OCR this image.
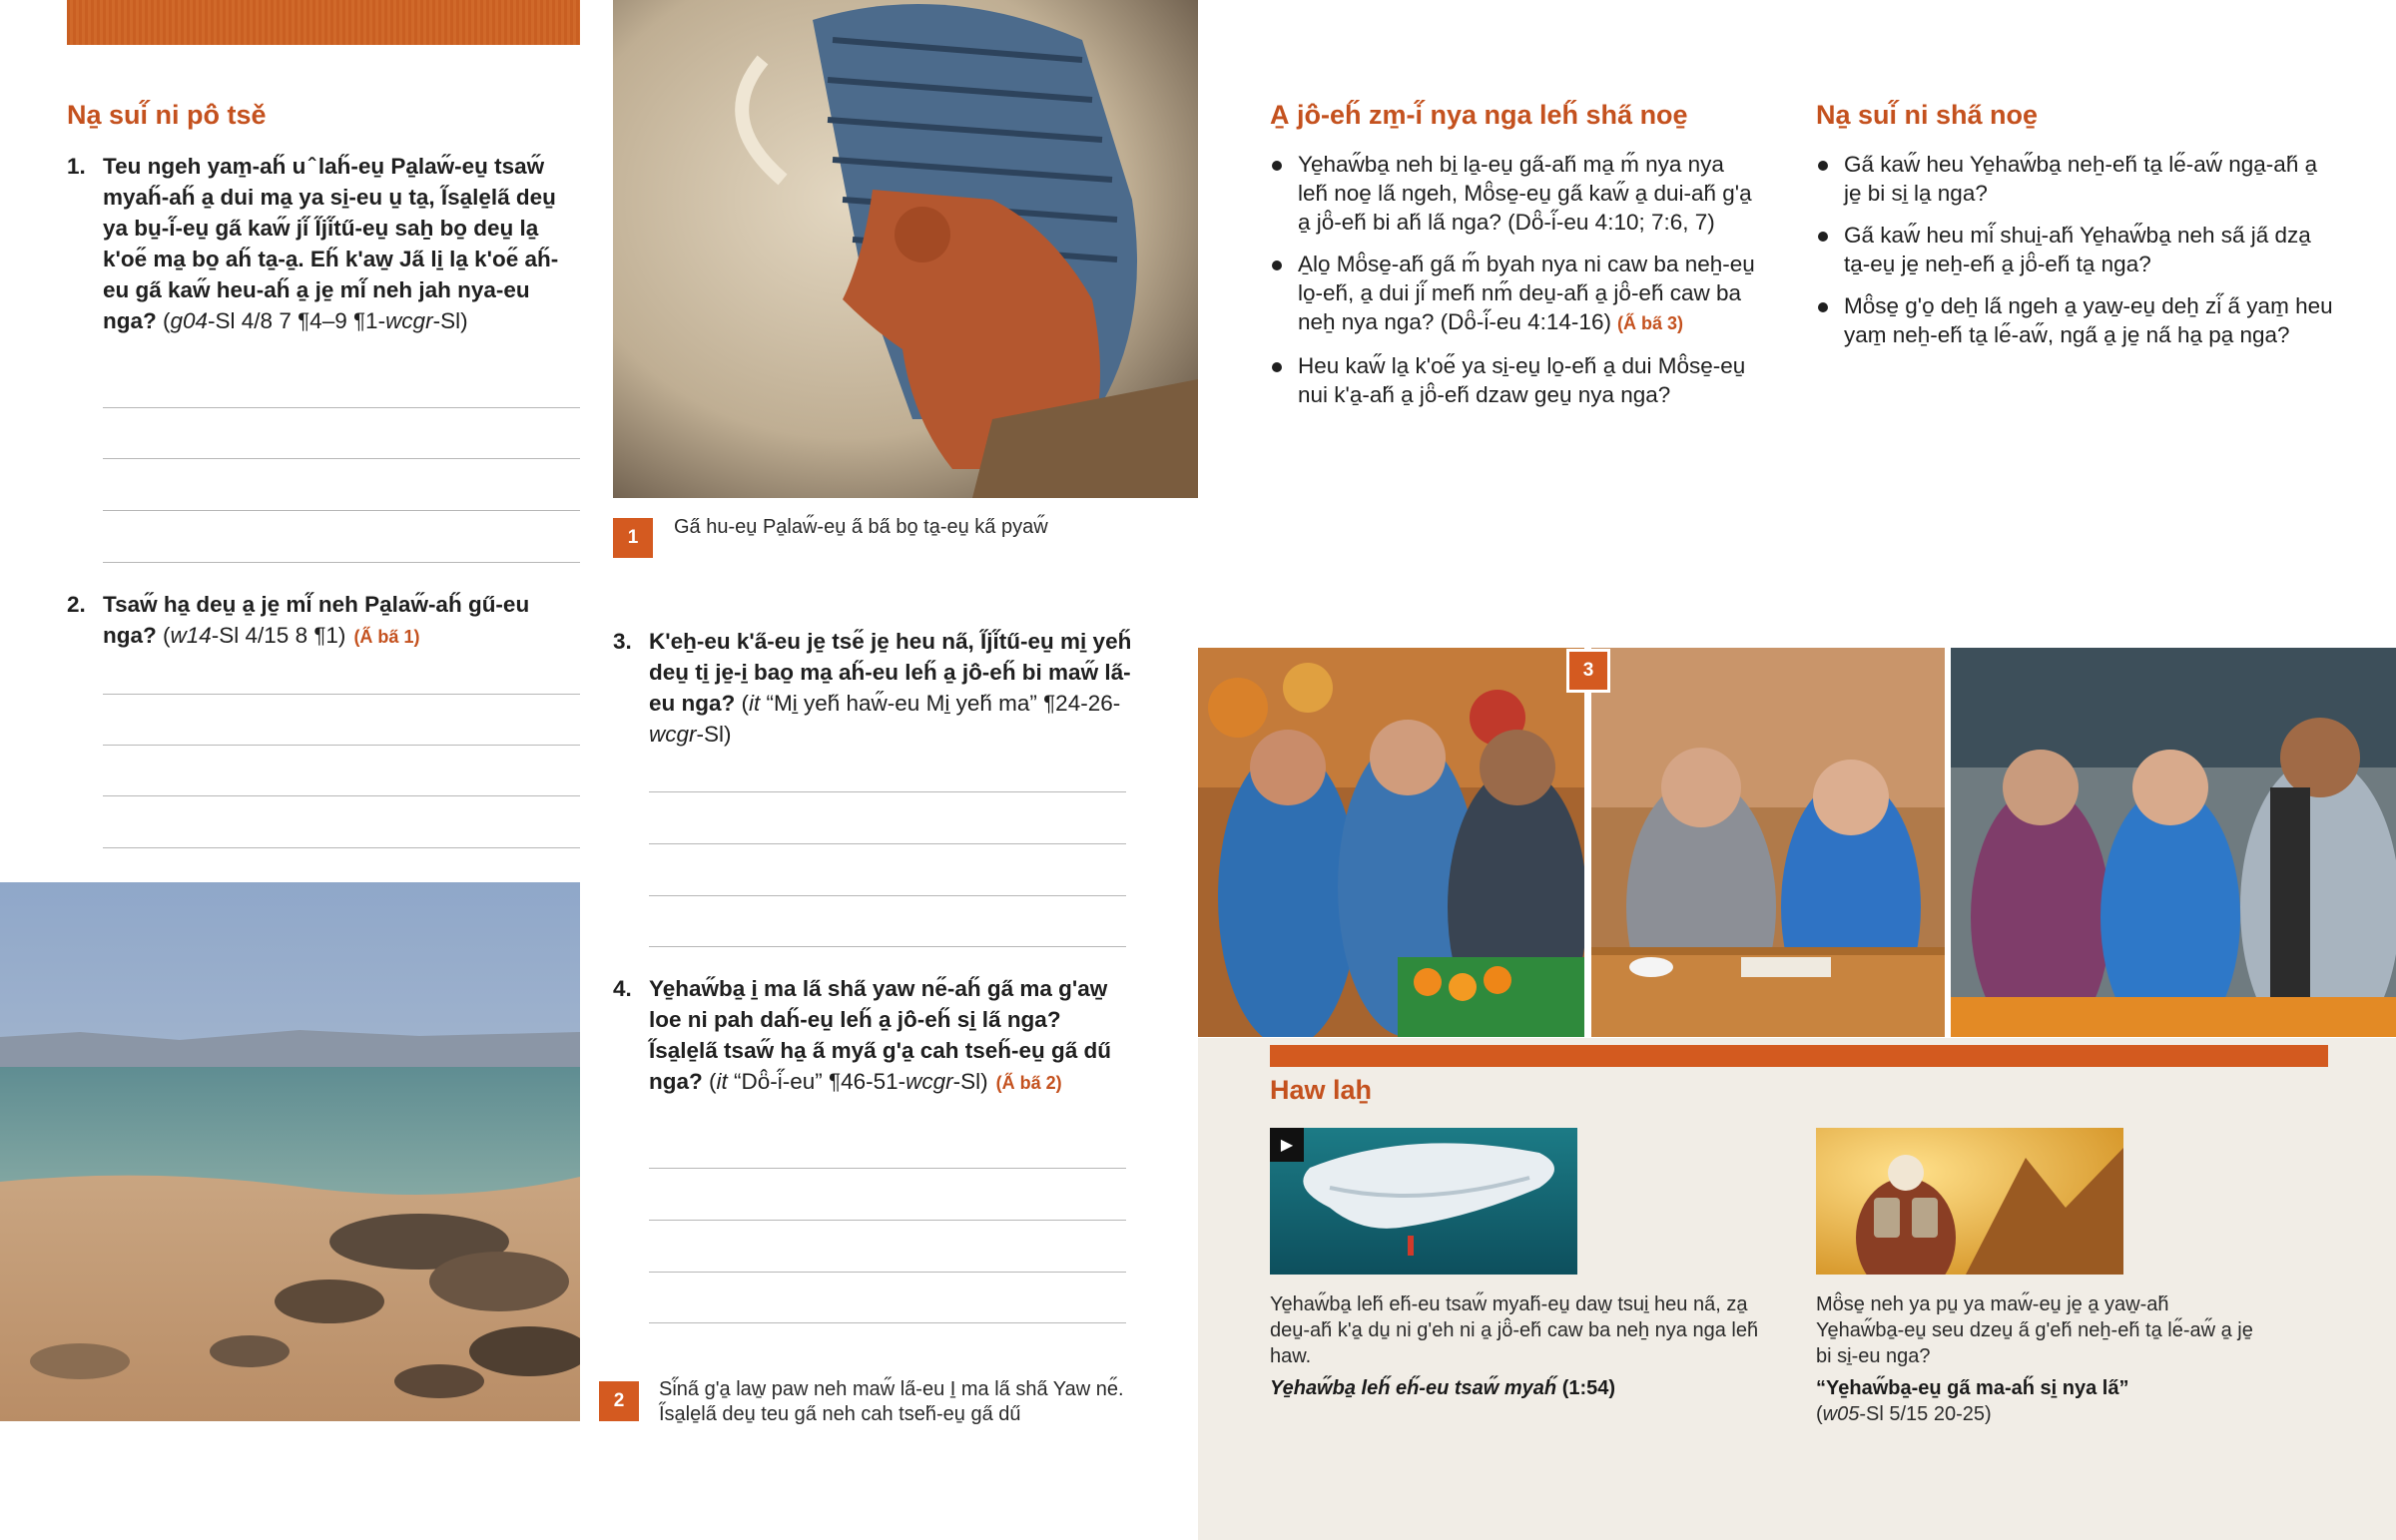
Na̱ sui̋ ni pö̂ tsě
1. Teu ngeh yam̱-ah̋ u ̂ lah̋-eu̱ Pa̱law̋-eu̱ tsaw̋ myah̋-ah̋ a̱ dui ma̱ ya si̱-eu u̱ ta̱, I̋sa̱le̱la̋ deu̱ ya bu̱-i̋-eu̱ ga̋ kaw̋ ji̋ I̋ji̋tű-eu̱ saẖ bo̱ deu̱ la̱ k'oe̋ ma̱ bo̱ ah̋ ta̱-a̱. Eh̋ k'aw̱ Ja̋ li̱ la̱ k'oe̋ ah̋-eu ga̋ kaw̋ heu-ah̋ a̱ je̱ mi̋ neh jah nya-eu nga? (g04-Sl 4/8 7 ¶4–9 ¶1-wcgr-Sl)
2. Tsaw̋ ha̱ deu̱ a̱ je̱ mi̋ neh Pa̱law̋-ah̋ gű-eu nga? (w14-Sl 4/15 8 ¶1) (A̋ ba̋ 1)
1	Ga̋ hu-eu̱ Pa̱law̋-eu̱ a̋ ba̋ bo̱ ta̱-eu̱ ka̋ pyaw̋
3. K'eẖ-eu k'a̋-eu je̱ tse̋ je̱ heu na̋, I̋ji̋tű-eu̱ mi̱ yeh̋ deu̱ ti̱ je̱-i̱ bao̱ ma̱ ah̋-eu leh̋ a̱ jö̂-eh̋ bi maw̋ la̋-eu nga? (it “Mi̱ yeh̋ haw̋-eu Mi̱ yeh̋ ma” ¶24-26-wcgr-Sl)
4. Ye̱haw̋ba̱ i̱ ma la̋ sha̋ yaw ne̋-ah̋ ga̋ ma g'aw̱ loe ni pah dah̋-eu̱ leh̋ a̱ jö̂-eh̋ si̱ la̋ nga? I̋sa̱le̱la̋ tsaw̋ ha̱ a̋ mya̋ g'a̱ cah tseh̋-eu̱ ga̋ dű nga? (it “Dö̂-i̋-eu” ¶46-51-wcgr-Sl) (A̋ ba̋ 2)
2
Si̋na̋ g'a̱ law̱ paw neh maw̋ la̋-eu I̱ ma la̋ sha̋ Yaw ne̋. I̋sa̱le̱la̋ deu̱ teu ga̋ neh cah tseh̋-eu̱ ga̋ dű
A̱ jö̂-eh̋ zm̱-i̋ nya nga leh̋ sha̋ noe̱
Ye̱haw̋ba̱ neh bi̱ la̱-eu̱ ga̋-ah̋ ma̱ m̋ nya nya leh̋ noe̱ la̋ ngeh, Mö̂se̱-eu̱ ga̋ kaw̋ a̱ dui-ah̋ g'a̱ a̱ jö̂-eh̋ bi ah̋ la̋ nga? (Dö̂-i̋-eu 4:10; 7:6, 7)
A̱lo̱ Mö̂se̱-ah̋ ga̋ m̋ byah nya ni caw ba neẖ-eu̱ lo̱-eh̋, a̱ dui ji̋ meh̋ nm̋ deu̱-ah̋ a̱ jö̂-eh̋ caw ba neẖ nya nga? (Dö̂-i̋-eu 4:14-16) (A̋ ba̋ 3)
Heu kaw̋ la̱ k'oe̋ ya si̱-eu̱ lo̱-eh̋ a̱ dui Mö̂se̱-eu̱ nui k'a̱-ah̋ a̱ jö̂-eh̋ dzaw geu̱ nya nga?
Na̱ sui̋ ni sha̋ noe̱
Ga̋ kaw̋ heu Ye̱haw̋ba̱ neẖ-eh̋ ta̱ le̋-aw̋ nga̱-ah̋ a̱ je̱ bi si̱ la̱ nga?
Ga̋ kaw̋ heu mi̋ shui̱-ah̋ Ye̱haw̋ba̱ neh sa̋ ja̋ dza̱ ta̱-eu̱ je̱ neẖ-eh̋ a̱ jö̂-eh̋ ta̱ nga?
Mö̂se̱ g'o̱ deẖ la̋ ngeh a̱ yaw̱-eu̱ deẖ zi̋ a̋ yam̱ heu yam̱ neẖ-eh̋ ta̱ le̋-aw̋, nga̋ a̱ je̱ na̋ ha̱ pa̱ nga?
3
Haw laẖ
▶
Ye̱haw̋ba̱ leh̋ eh̋-eu tsaw̋ myah̋-eu̱ daw̱ tsui̱ heu na̋, za̱ deu̱-ah̋ k'a̱ du̱ ni g'eh ni a̱ jö̂-eh̋ caw ba neẖ nya nga leh̋ haw.
Ye̱haw̋ba̱ leh̋ eh̋-eu tsaw̋ myah̋ (1:54)
Mö̂se̱ neh ya pu̱ ya maw̋-eu̱ je̱ a̱ yaw̱-ah̋ Ye̱haw̋ba̱-eu̱ seu dzeu̱ a̋ g'eh̋ neẖ-eh̋ ta̱ le̋-aw̋ a̱ je̱ bi si̱-eu nga?
“Ye̱haw̋ba̱-eu̱ ga̋ ma-ah̋ si̱ nya la̋”
(w05-Sl 5/15 20-25)
